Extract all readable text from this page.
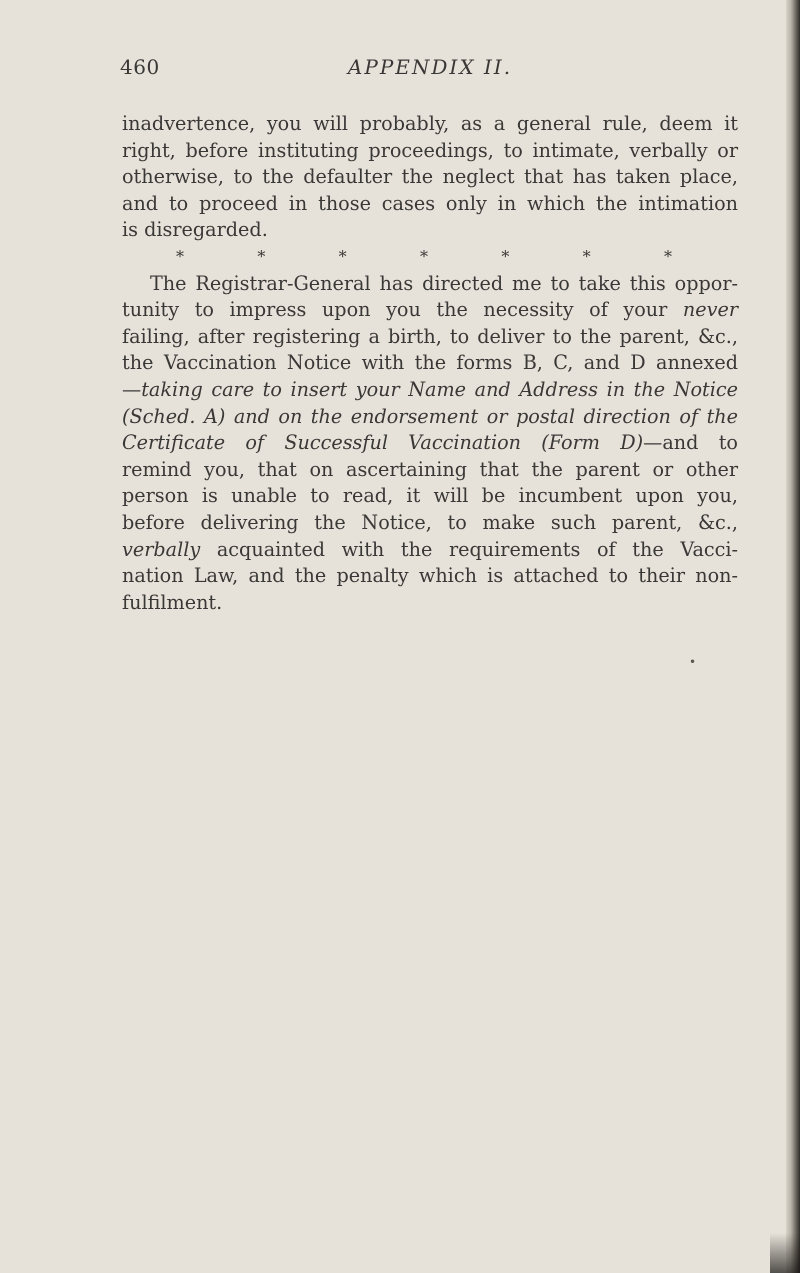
460	APPENDIX II.
inadvertence, you will probably, as a general rule, deem it
right, before instituting proceedings, to intimate, verbally or
otherwise, to the defaulter the neglect that has taken place,
and to proceed in those cases only in which the intimation
is disregarded.
*	*	*	*	*	*	*
The Registrar-General has directed me to take this oppor-
tunity to impress upon you the necessity of your never
failing, after registering a birth, to deliver to the parent, &c.,
the Vaccination Notice with the forms B, C, and D annexed
—taking care to insert your Name and Address in the Notice
(Sched. A) and on the endorsement or postal direction of the
Certificate of Successful Vaccination (Form D)—and to
remind you, that on ascertaining that the parent or other
person is unable to read, it will be incumbent upon you,
before delivering the Notice, to make such parent, &c.,
verbally acquainted with the requirements of the Vacci-
nation Law, and the penalty which is attached to their non-
fulfilment.
•
